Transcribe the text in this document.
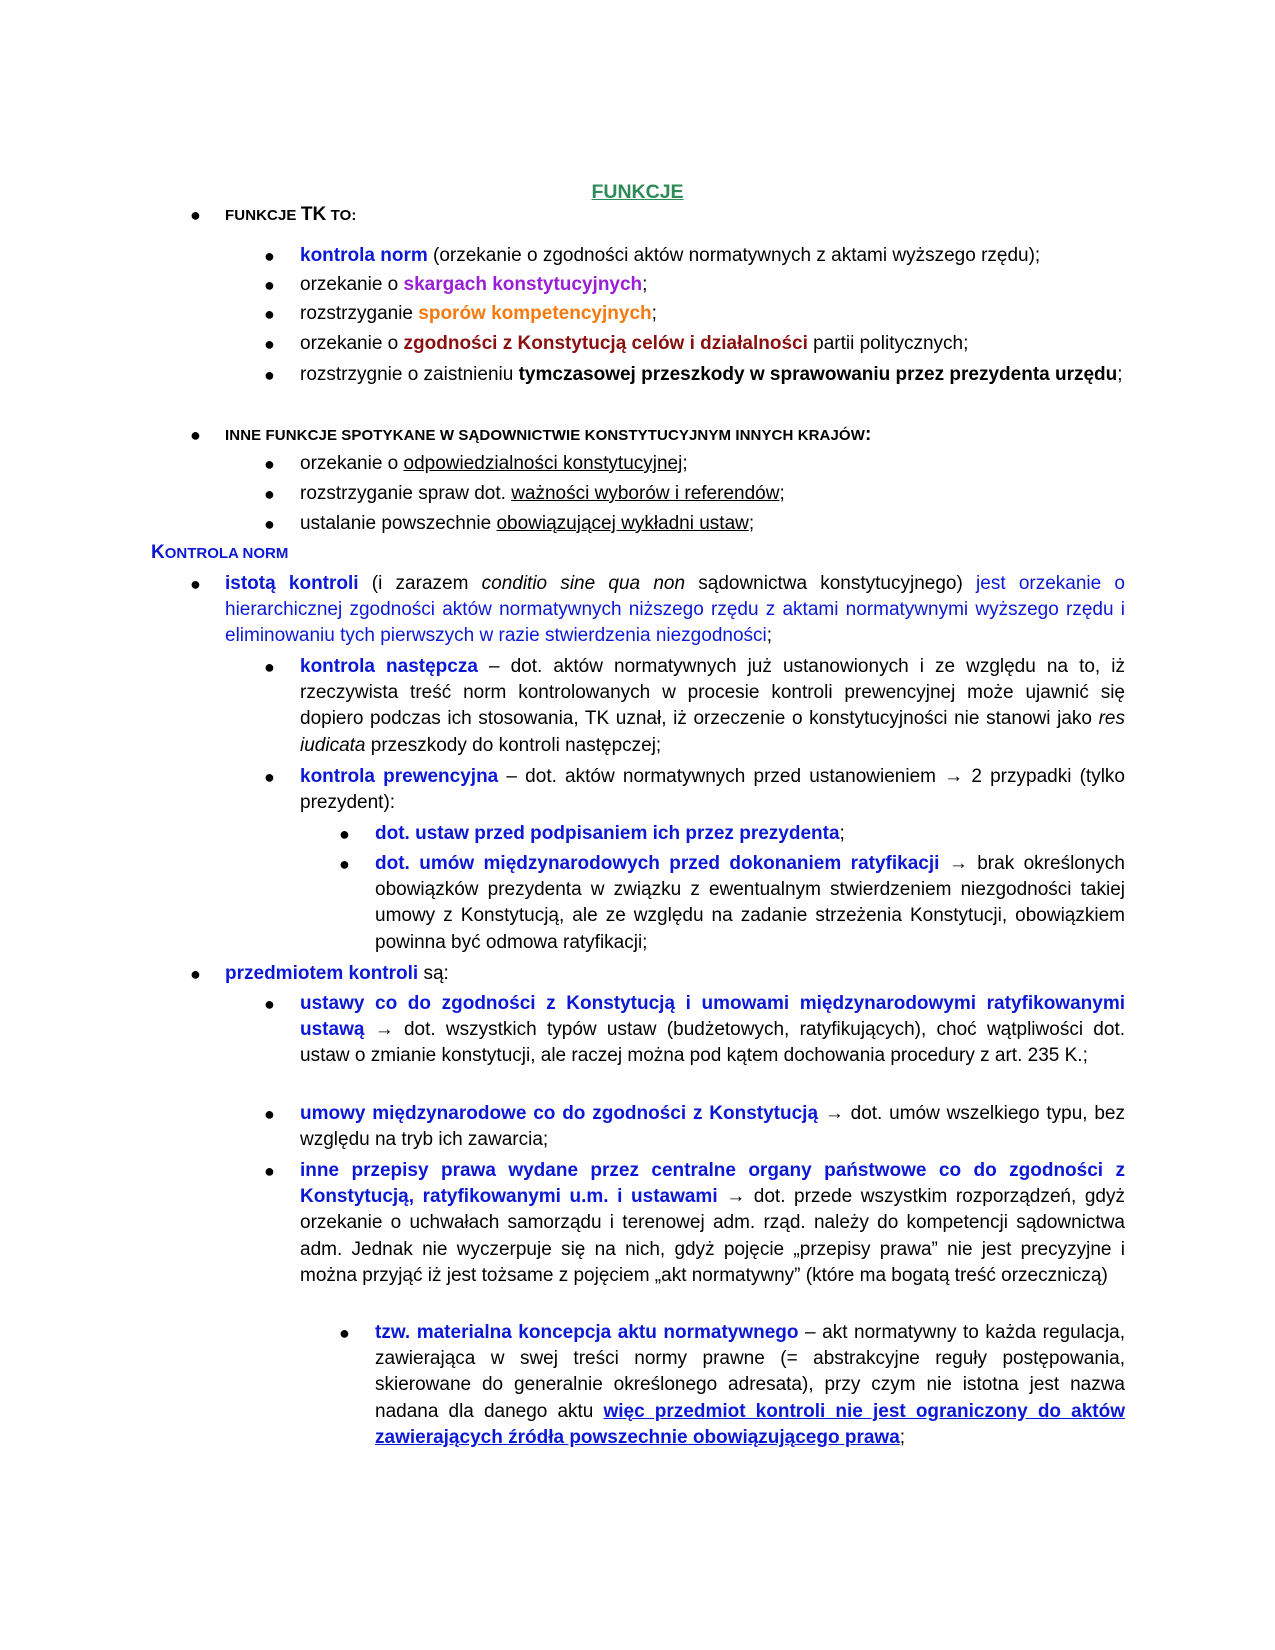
FUNKCJE
● FUNKCJE TK TO:
● kontrola norm (orzekanie o zgodności aktów normatywnych z aktami wyższego rzędu);
● orzekanie o skargach konstytucyjnych;
● rozstrzyganie sporów kompetencyjnych;
● orzekanie o zgodności z Konstytucją celów i działalności partii politycznych;
● rozstrzygnie o zaistnieniu tymczasowej przeszkody w sprawowaniu przez prezydenta urzędu;
● INNE FUNKCJE SPOTYKANE W SĄDOWNICTWIE KONSTYTUCYJNYM INNYCH KRAJÓW:
● orzekanie o odpowiedzialności konstytucyjnej;
● rozstrzyganie spraw dot. ważności wyborów i referendów;
● ustalanie powszechnie obowiązującej wykładni ustaw;
KONTROLA NORM
● istotą kontroli (i zarazem conditio sine qua non sądownictwa konstytucyjnego) jest orzekanie o hierarchicznej zgodności aktów normatywnych niższego rzędu z aktami normatywnymi wyższego rzędu i eliminowaniu tych pierwszych w razie stwierdzenia niezgodności;
● kontrola następcza – dot. aktów normatywnych już ustanowionych i ze względu na to, iż rzeczywista treść norm kontrolowanych w procesie kontroli prewencyjnej może ujawnić się dopiero podczas ich stosowania, TK uznał, iż orzeczenie o konstytucyjności nie stanowi jako res iudicata przeszkody do kontroli następczej;
● kontrola prewencyjna – dot. aktów normatywnych przed ustanowieniem → 2 przypadki (tylko prezydent):
● dot. ustaw przed podpisaniem ich przez prezydenta;
● dot. umów międzynarodowych przed dokonaniem ratyfikacji → brak określonych obowiązków prezydenta w związku z ewentualnym stwierdzeniem niezgodności takiej umowy z Konstytucją, ale ze względu na zadanie strzeżenia Konstytucji, obowiązkiem powinna być odmowa ratyfikacji;
● przedmiotem kontroli są:
● ustawy co do zgodności z Konstytucją i umowami międzynarodowymi ratyfikowanymi ustawą → dot. wszystkich typów ustaw (budżetowych, ratyfikujących), choć wątpliwości dot. ustaw o zmianie konstytucji, ale raczej można pod kątem dochowania procedury z art. 235 K.;
● umowy międzynarodowe co do zgodności z Konstytucją → dot. umów wszelkiego typu, bez względu na tryb ich zawarcia;
● inne przepisy prawa wydane przez centralne organy państwowe co do zgodności z Konstytucją, ratyfikowanymi u.m. i ustawami → dot. przede wszystkim rozporządzeń, gdyż orzekanie o uchwałach samorządu i terenowej adm. rząd. należy do kompetencji sądownictwa adm. Jednak nie wyczerpuje się na nich, gdyż pojęcie „przepisy prawa” nie jest precyzyjne i można przyjąć iż jest tożsame z pojęciem „akt normatywny” (które ma bogatą treść orzeczniczą)
● tzw. materialna koncepcja aktu normatywnego – akt normatywny to każda regulacja, zawierająca w swej treści normy prawne (= abstrakcyjne reguły postępowania, skierowane do generalnie określonego adresata), przy czym nie istotna jest nazwa nadana dla danego aktu więc przedmiot kontroli nie jest ograniczony do aktów zawierających źródła powszechnie obowiązującego prawa;
